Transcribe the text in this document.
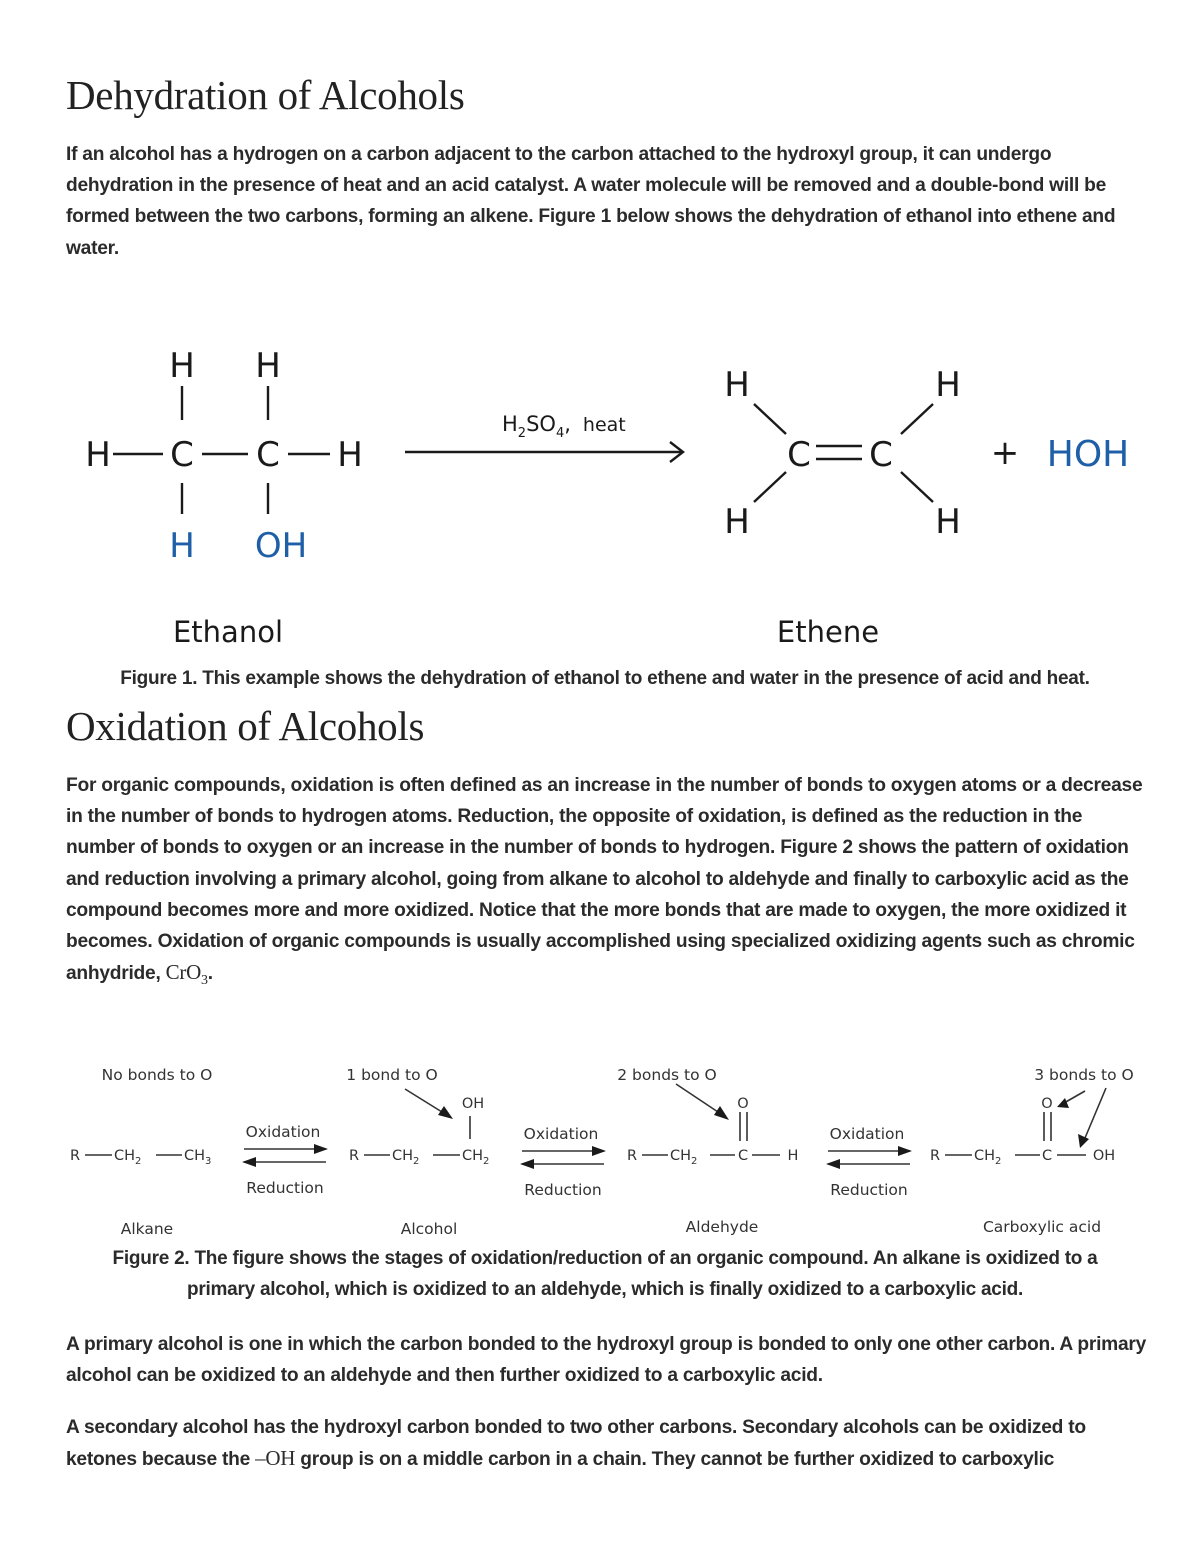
Dehydration of Alcohols

If an alcohol has a hydrogen on a carbon adjacent to the carbon attached to the hydroxyl group, it can undergo dehydration in the presence of heat and an acid catalyst. A water molecule will be removed and a double-bond will be formed between the two carbons, forming an alkene. Figure 1 below shows the dehydration of ethanol into ethene and water.

H H
H C C H
H OH
$H_2SO_4$, heat
H	H
C C
H	H
+ HOH
Ethanol	Ethene

Figure 1. This example shows the dehydration of ethanol to ethene and water in the presence of acid and heat.

Oxidation of Alcohols

For organic compounds, oxidation is often defined as an increase in the number of bonds to oxygen atoms or a decrease in the number of bonds to hydrogen atoms. Reduction, the opposite of oxidation, is defined as the reduction in the number of bonds to oxygen or an increase in the number of bonds to hydrogen. Figure 2 shows the pattern of oxidation and reduction involving a primary alcohol, going from alkane to alcohol to aldehyde and finally to carboxylic acid as the compound becomes more and more oxidized. Notice that the more bonds that are made to oxygen, the more oxidized it becomes. Oxidation of organic compounds is usually accomplished using specialized oxidizing agents such as chromic anhydride, CrO$_3$.

No bonds to O	1 bond to O	2 bonds to O	3 bonds to O
R $CH_2$	$CH_3$
Oxidation
Reduction
Oxidation
Reduction
Oxidation
Reduction
R $CH_2$	$CH_2$
OH
R $CH_2$	C	H
O
R $CH_2$	C	OH
O
Alkane	Alcohol	Aldehyde	Carboxylic acid

Figure 2. The figure shows the stages of oxidation/reduction of an organic compound. An alkane is oxidized to a primary alcohol, which is oxidized to an aldehyde, which is finally oxidized to a carboxylic acid.

A primary alcohol is one in which the carbon bonded to the hydroxyl group is bonded to only one other carbon. A primary alcohol can be oxidized to an aldehyde and then further oxidized to a carboxylic acid.

A secondary alcohol has the hydroxyl carbon bonded to two other carbons. Secondary alcohols can be oxidized to ketones because the –OH group is on a middle carbon in a chain. They cannot be further oxidized to carboxylic
